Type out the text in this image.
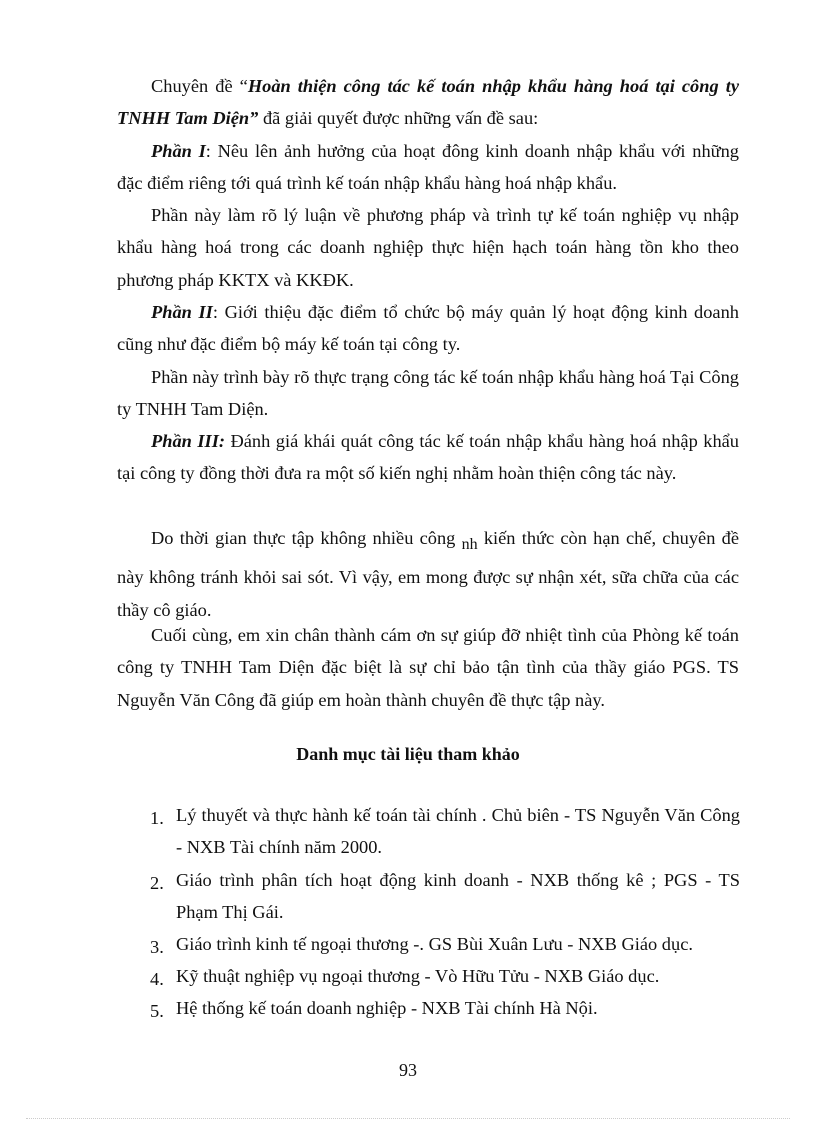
Chuyên đề “Hoàn thiện công tác kế toán nhập khẩu hàng hoá tại công ty TNHH Tam Diện” đã giải quyết được những vấn đề sau:

Phần I: Nêu lên ảnh hưởng của hoạt đông kinh doanh nhập khẩu với những đặc điểm riêng tới quá trình kế toán nhập khẩu hàng hoá nhập khẩu.

Phần này làm rõ lý luận về phương pháp và trình tự kế toán nghiệp vụ nhập khẩu hàng hoá trong các doanh nghiệp thực hiện hạch toán hàng tồn kho theo phương pháp KKTX và KKĐK.

Phần II: Giới thiệu đặc điểm tổ chức bộ máy quản lý hoạt động kinh doanh cũng như đặc điểm bộ máy kế toán tại công ty.

Phần này trình bày rõ thực trạng công tác kế toán nhập khẩu hàng hoá Tại Công ty TNHH Tam Diện.

Phần III: Đánh giá khái quát công tác kế toán nhập khẩu hàng hoá nhập khẩu tại công ty đồng thời đưa ra một số kiến nghị nhằm hoàn thiện công tác này.

Do thời gian thực tập không nhiều công nh kiến thức còn hạn chế, chuyên đề này không tránh khỏi sai sót. Vì vậy, em mong được sự nhận xét, sữa chữa của các thầy cô giáo.

Cuối cùng, em xin chân thành cám ơn sự giúp đỡ nhiệt tình của Phòng kế toán công ty TNHH Tam Diện đặc biệt là sự chỉ bảo tận tình của thầy giáo PGS. TS Nguyễn Văn Công đã giúp em hoàn thành chuyên đề thực tập này.

Danh mục tài liệu tham khảo
1. Lý thuyết và thực hành kế toán tài chính . Chủ biên - TS Nguyễn Văn Công - NXB Tài chính năm 2000.
2. Giáo trình phân tích hoạt động kinh doanh - NXB thống kê ; PGS - TS Phạm Thị Gái.
3. Giáo trình kinh tế ngoại thương -. GS Bùi Xuân Lưu - NXB Giáo dục.
4. Kỹ thuật nghiệp vụ ngoại thương - Vò Hữu Tửu - NXB Giáo dục.
5. Hệ thống kế toán doanh nghiệp - NXB Tài chính Hà Nội.

93
